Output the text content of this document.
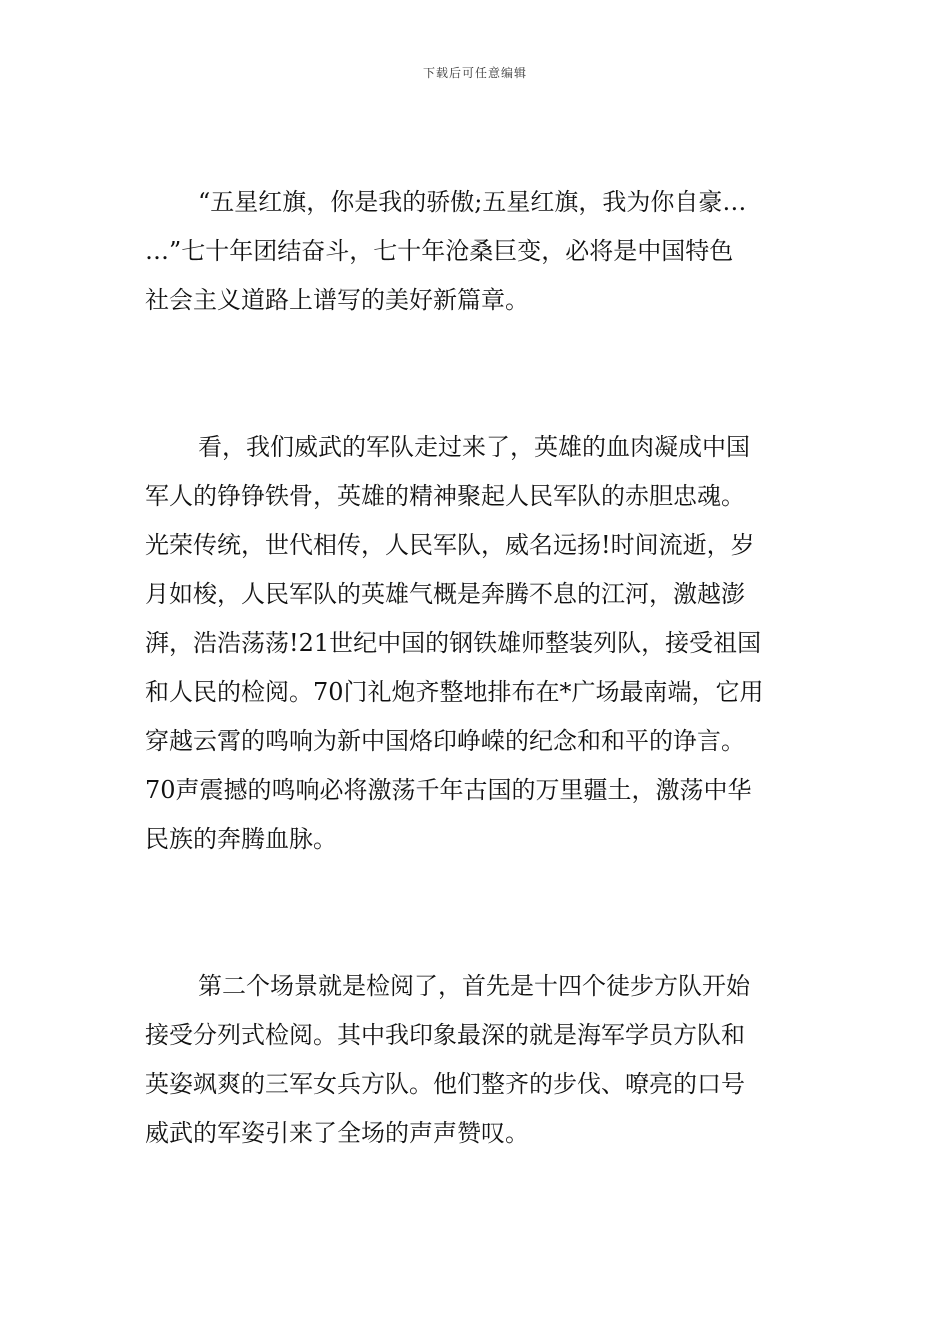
下载后可任意编辑
“五星红旗，你是我的骄傲;五星红旗，我为你自豪…
…”七十年团结奋斗，七十年沧桑巨变，必将是中国特色
社会主义道路上谱写的美好新篇章。
看，我们威武的军队走过来了，英雄的血肉凝成中国
军人的铮铮铁骨，英雄的精神聚起人民军队的赤胆忠魂。
光荣传统，世代相传，人民军队，威名远扬!时间流逝，岁
月如梭，人民军队的英雄气概是奔腾不息的江河，激越澎
湃，浩浩荡荡!21世纪中国的钢铁雄师整装列队，接受祖国
和人民的检阅。70门礼炮齐整地排布在*广场最南端，它用
穿越云霄的鸣响为新中国烙印峥嵘的纪念和和平的诤言。
70声震撼的鸣响必将激荡千年古国的万里疆土，激荡中华
民族的奔腾血脉。
第二个场景就是检阅了，首先是十四个徒步方队开始
接受分列式检阅。其中我印象最深的就是海军学员方队和
英姿飒爽的三军女兵方队。他们整齐的步伐、嘹亮的口号
威武的军姿引来了全场的声声赞叹。
